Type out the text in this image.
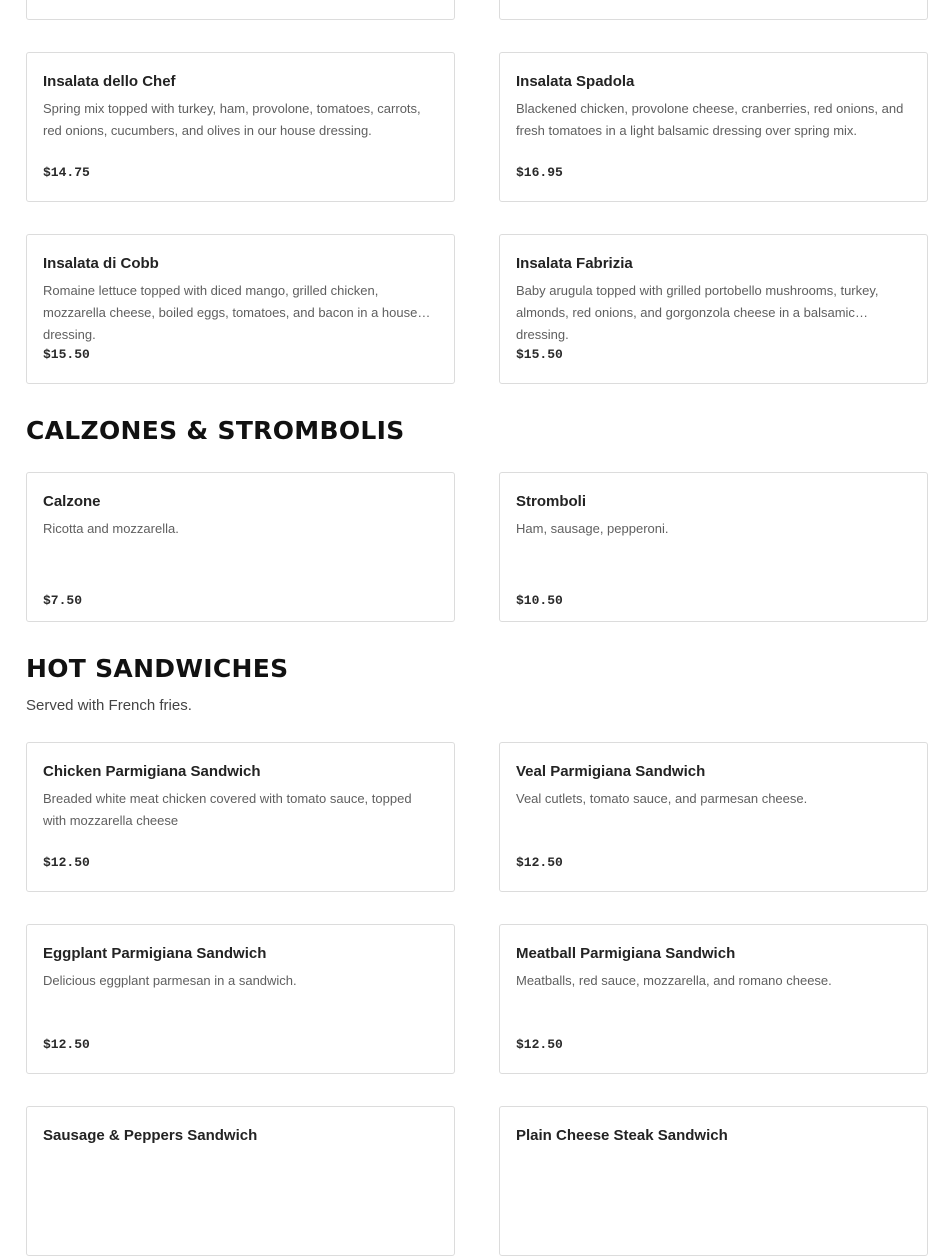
Insalata dello Chef
Spring mix topped with turkey, ham, provolone, tomatoes, carrots, red onions, cucumbers, and olives in our house dressing.
$14.75
Insalata Spadola
Blackened chicken, provolone cheese, cranberries, red onions, and fresh tomatoes in a light balsamic dressing over spring mix.
$16.95
Insalata di Cobb
Romaine lettuce topped with diced mango, grilled chicken, mozzarella cheese, boiled eggs, tomatoes, and bacon in a house dressing.
$15.50
Insalata Fabrizia
Baby arugula topped with grilled portobello mushrooms, turkey, almonds, red onions, and gorgonzola cheese in a balsamic dressing.
$15.50
CALZONES & STROMBOLIS
Calzone
Ricotta and mozzarella.
$7.50
Stromboli
Ham, sausage, pepperoni.
$10.50
HOT SANDWICHES
Served with French fries.
Chicken Parmigiana Sandwich
Breaded white meat chicken covered with tomato sauce, topped with mozzarella cheese
$12.50
Veal Parmigiana Sandwich
Veal cutlets, tomato sauce, and parmesan cheese.
$12.50
Eggplant Parmigiana Sandwich
Delicious eggplant parmesan in a sandwich.
$12.50
Meatball Parmigiana Sandwich
Meatballs, red sauce, mozzarella, and romano cheese.
$12.50
Sausage & Peppers Sandwich	Plain Cheese Steak Sandwich
